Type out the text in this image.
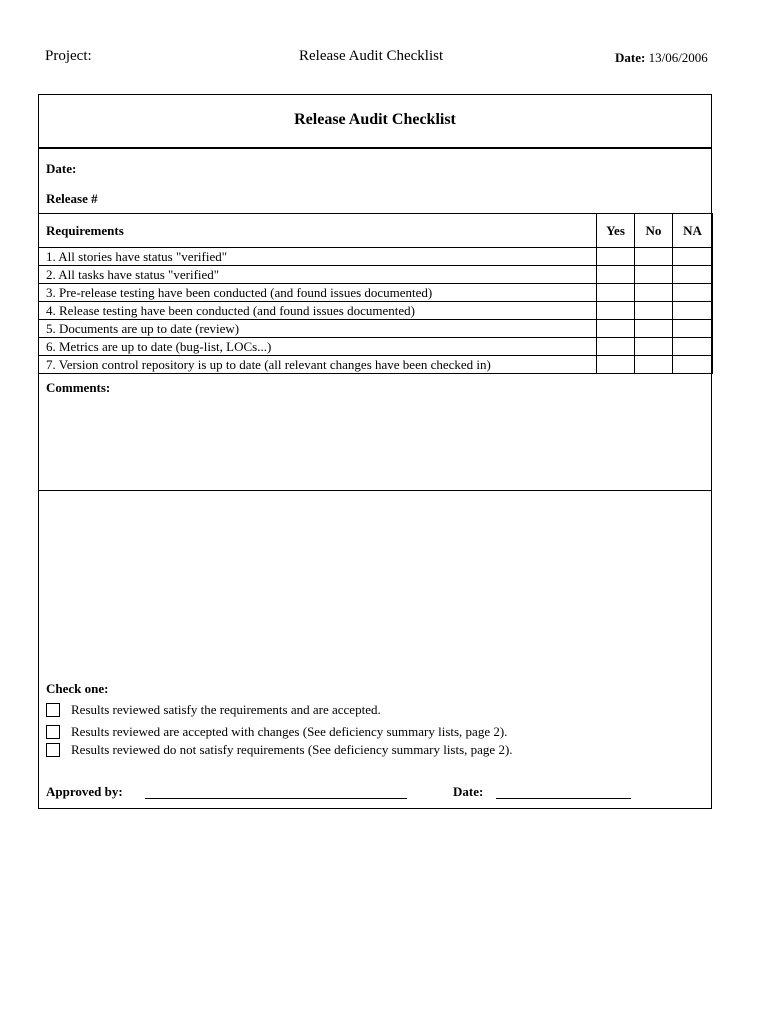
Project:	Release Audit Checklist	Date: 13/06/2006
Release Audit Checklist
Date:
Release #
Requirements	Yes	No	NA
1. All stories have status "verified"			
2. All tasks have status "verified"			
3. Pre-release testing have been conducted (and found issues documented)			
4. Release testing have been conducted (and found issues documented)			
5. Documents are up to date (review)			
6. Metrics are up to date (bug-list, LOCs...)			
7. Version control repository is up to date (all relevant changes have been checked in)			
Comments:
Check one:
Results reviewed satisfy the requirements and are accepted.
Results reviewed are accepted with changes (See deficiency summary lists, page 2).
Results reviewed do not satisfy requirements (See deficiency summary lists, page 2).
Approved by:	Date:
